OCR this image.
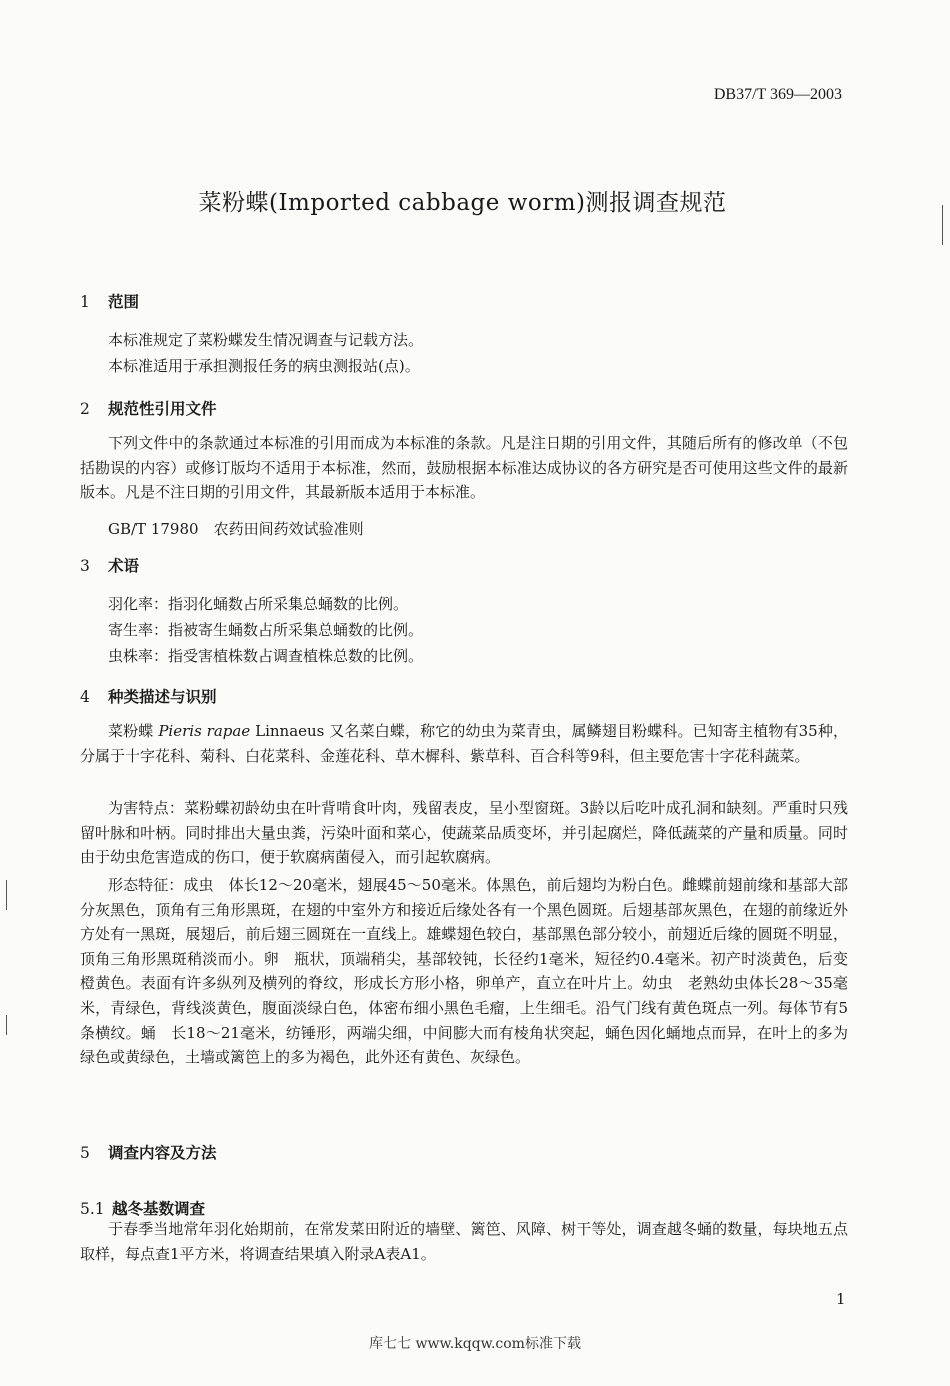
DB37/T 369—2003
菜粉蝶(Imported cabbage worm)测报调查规范
1 范围
本标准规定了菜粉蝶发生情况调查与记载方法。
本标准适用于承担测报任务的病虫测报站(点)。
2 规范性引用文件
下列文件中的条款通过本标准的引用而成为本标准的条款。凡是注日期的引用文件，其随后所有的修改单（不包括勘误的内容）或修订版均不适用于本标准，然而，鼓励根据本标准达成协议的各方研究是否可使用这些文件的最新版本。凡是不注日期的引用文件，其最新版本适用于本标准。
GB/T 17980　 农药田间药效试验准则
3 术语
羽化率：指羽化蛹数占所采集总蛹数的比例。
寄生率：指被寄生蛹数占所采集总蛹数的比例。
虫株率：指受害植株数占调查植株总数的比例。
4 种类描述与识别
菜粉蝶 Pieris rapae Linnaeus 又名菜白蝶，称它的幼虫为菜青虫，属鳞翅目粉蝶科。已知寄主植物有35种，分属于十字花科、菊科、白花菜科、金莲花科、草木樨科、紫草科、百合科等9科，但主要危害十字花科蔬菜。
为害特点：菜粉蝶初龄幼虫在叶背啃食叶肉，残留表皮，呈小型窗斑。3龄以后吃叶成孔洞和缺刻。严重时只残留叶脉和叶柄。同时排出大量虫粪，污染叶面和菜心，使蔬菜品质变坏，并引起腐烂，降低蔬菜的产量和质量。同时由于幼虫危害造成的伤口，便于软腐病菌侵入，而引起软腐病。
形态特征：成虫　体长12～20毫米，翅展45～50毫米。体黑色，前后翅均为粉白色。雌蝶前翅前缘和基部大部分灰黑色，顶角有三角形黑斑，在翅的中室外方和接近后缘处各有一个黑色圆斑。后翅基部灰黑色，在翅的前缘近外方处有一黑斑，展翅后，前后翅三圆斑在一直线上。雄蝶翅色较白，基部黑色部分较小，前翅近后缘的圆斑不明显，顶角三角形黑斑稍淡而小。卵　瓶状，顶端稍尖，基部较钝，长径约1毫米，短径约0.4毫米。初产时淡黄色，后变橙黄色。表面有许多纵列及横列的脊纹，形成长方形小格，卵单产，直立在叶片上。幼虫　老熟幼虫体长28～35毫米，青绿色，背线淡黄色，腹面淡绿白色，体密布细小黑色毛瘤，上生细毛。沿气门线有黄色斑点一列。每体节有5条横纹。蛹　长18～21毫米，纺锤形，两端尖细，中间膨大而有棱角状突起，蛹色因化蛹地点而异，在叶上的多为绿色或黄绿色，土墙或篱笆上的多为褐色，此外还有黄色、灰绿色。
5 调查内容及方法
5.1 越冬基数调查
于春季当地常年羽化始期前，在常发菜田附近的墙壁、篱笆、风障、树干等处，调查越冬蛹的数量，每块地五点取样，每点查1平方米，将调查结果填入附录A表A1。
1
库七七 www.kqqw.com标准下载
